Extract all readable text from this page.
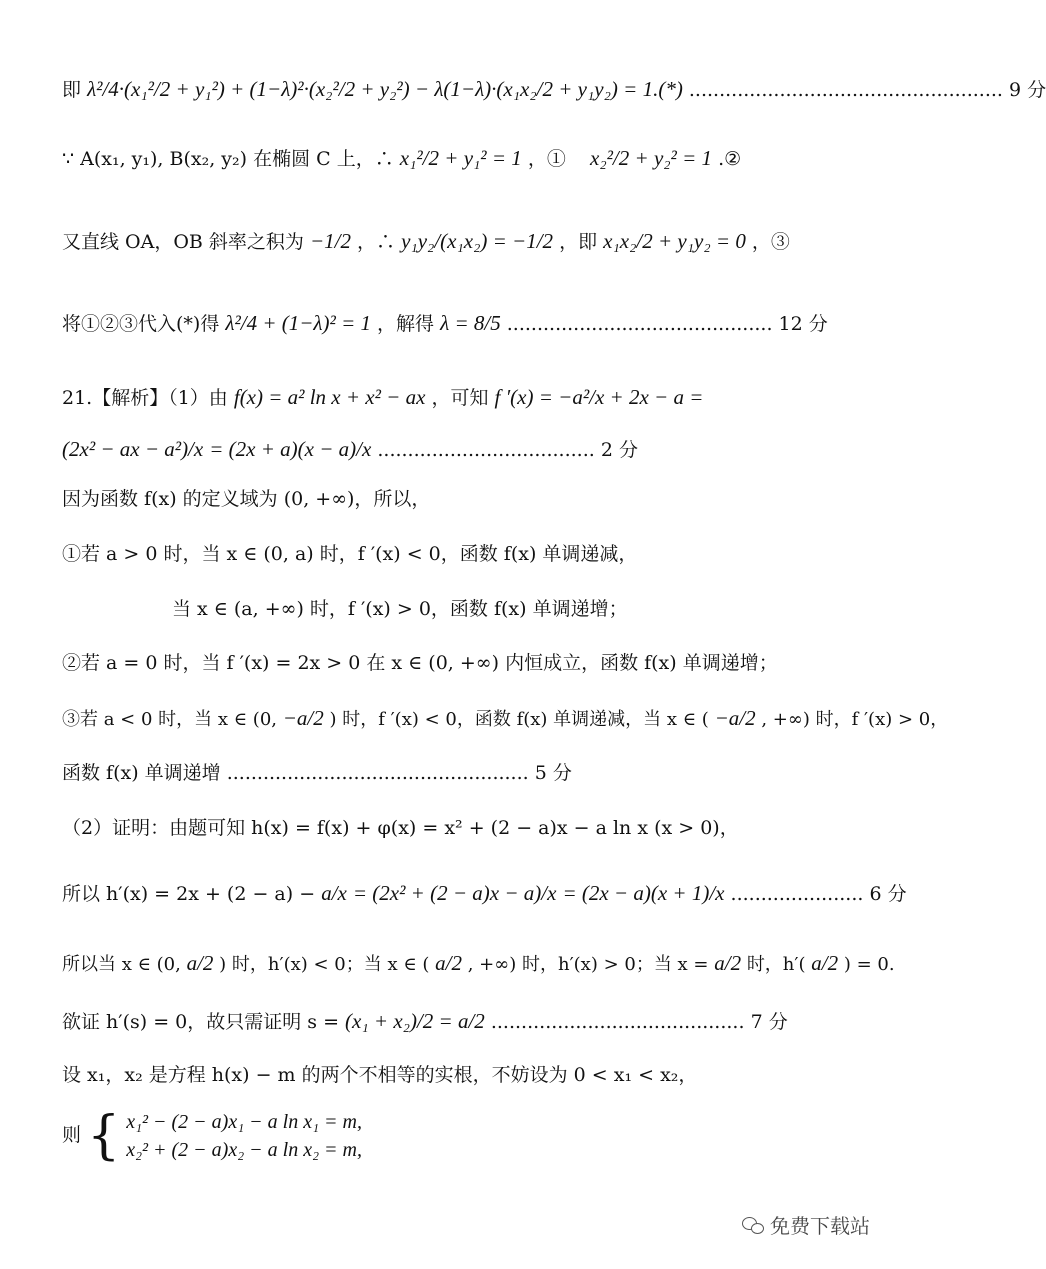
即 λ²/4·(x₁²/2 + y₁²) + (1−λ)²·(x₂²/2 + y₂²) − λ(1−λ)·(x₁x₂/2 + y₁y₂) = 1.(*) .................................................... 9 分
∵ A(x₁, y₁), B(x₂, y₂) 在椭圆 C 上，∴ x₁²/2 + y₁² = 1 ，① x₂²/2 + y₂² = 1 .②
又直线 OA，OB 斜率之积为 −1/2 ，∴ y₁y₂/(x₁x₂) = −1/2 ，即 x₁x₂/2 + y₁y₂ = 0 ，③
将①②③代入(*)得 λ²/4 + (1−λ)² = 1 ，解得 λ = 8/5 ............................................ 12 分
21.【解析】（1）由 f(x) = a² ln x + x² − ax ，可知 f ′(x) = −a²/x + 2x − a =
(2x² − ax − a²)/x = (2x + a)(x − a)/x .................................... 2 分
因为函数 f(x) 的定义域为 (0, +∞)，所以，
①若 a > 0 时，当 x ∈ (0, a) 时，f ′(x) < 0，函数 f(x) 单调递减，
当 x ∈ (a, +∞) 时，f ′(x) > 0，函数 f(x) 单调递增；
②若 a = 0 时，当 f ′(x) = 2x > 0 在 x ∈ (0, +∞) 内恒成立，函数 f(x) 单调递增；
③若 a < 0 时，当 x ∈ (0, −a/2 ) 时，f ′(x) < 0，函数 f(x) 单调递减，当 x ∈ ( −a/2 , +∞) 时，f ′(x) > 0，
函数 f(x) 单调递增 .................................................. 5 分
（2）证明：由题可知 h(x) = f(x) + φ(x) = x² + (2 − a)x − a ln x (x > 0)，
所以 h′(x) = 2x + (2 − a) − a/x = (2x² + (2 − a)x − a)/x = (2x − a)(x + 1)/x ...................... 6 分
所以当 x ∈ (0, a/2 ) 时，h′(x) < 0；当 x ∈ ( a/2 , +∞) 时，h′(x) > 0；当 x = a/2 时，h′( a/2 ) = 0.
欲证 h′(s) = 0，故只需证明 s = (x₁ + x₂)/2 = a/2 .......................................... 7 分
设 x₁，x₂ 是方程 h(x) − m 的两个不相等的实根，不妨设为 0 < x₁ < x₂，
则 { x₁² − (2 − a)x₁ − a ln x₁ = m,
x₂² + (2 − a)x₂ − a ln x₂ = m,
免费下载站
